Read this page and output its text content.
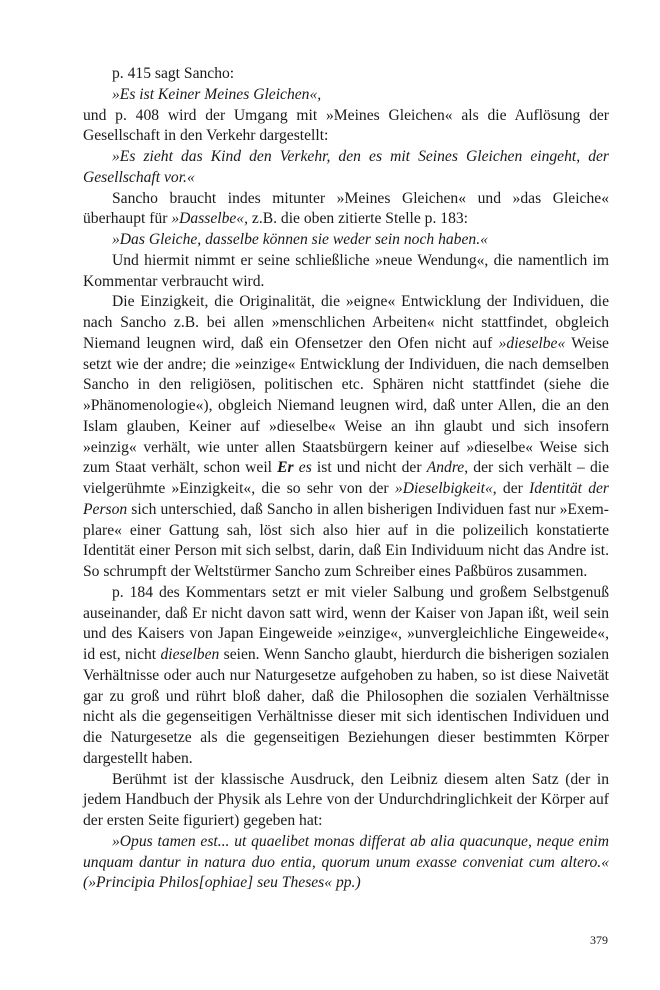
p. 415 sagt Sancho:

»Es ist Keiner Meines Gleichen«,

und p. 408 wird der Umgang mit »Meines Gleichen« als die Auflösung der Gesellschaft in den Verkehr dargestellt:

»Es zieht das Kind den Verkehr, den es mit Seines Gleichen eingeht, der Gesellschaft vor.«

Sancho braucht indes mitunter »Meines Gleichen« und »das Gleiche« überhaupt für »Dasselbe«, z.B. die oben zitierte Stelle p. 183:

»Das Gleiche, dasselbe können sie weder sein noch haben.«

Und hiermit nimmt er seine schließliche »neue Wendung«, die namentlich im Kommentar verbraucht wird.

Die Einzigkeit, die Originalität, die »eigne« Entwicklung der Individuen, die nach Sancho z.B. bei allen »menschlichen Arbeiten« nicht stattfindet, obgleich Niemand leugnen wird, daß ein Ofensetzer den Ofen nicht auf »dieselbe« Weise setzt wie der andre; die »einzige« Entwicklung der Individuen, die nach demselben Sancho in den religiösen, politischen etc. Sphären nicht stattfindet (siehe die »Phänomenologie«), obgleich Niemand leugnen wird, daß unter Allen, die an den Islam glauben, Keiner auf »dieselbe« Weise an ihn glaubt und sich insofern »einzig« verhält, wie unter allen Staatsbürgern keiner auf »dieselbe« Weise sich zum Staat verhält, schon weil Er es ist und nicht der Andre, der sich verhält – die vielgerühmte »Einzigkeit«, die so sehr von der »Dieselbigkeit«, der Identität der Person sich unterschied, daß Sancho in allen bisherigen Individuen fast nur »Exemplare« einer Gattung sah, löst sich also hier auf in die polizeilich konstatierte Identität einer Person mit sich selbst, darin, daß Ein Individuum nicht das Andre ist. So schrumpft der Weltstürmer Sancho zum Schreiber eines Paßbüros zusammen.

p. 184 des Kommentars setzt er mit vieler Salbung und großem Selbstgenuß auseinander, daß Er nicht davon satt wird, wenn der Kaiser von Japan ißt, weil sein und des Kaisers von Japan Eingeweide »einzige«, »unvergleichliche Eingeweide«, id est, nicht dieselben seien. Wenn Sancho glaubt, hierdurch die bisherigen sozialen Verhältnisse oder auch nur Naturgesetze aufgehoben zu haben, so ist diese Naivetät gar zu groß und rührt bloß daher, daß die Philosophen die sozialen Verhältnisse nicht als die gegenseitigen Verhältnisse dieser mit sich identischen Individuen und die Naturgesetze als die gegenseitigen Beziehungen dieser bestimmten Körper dargestellt haben.

Berühmt ist der klassische Ausdruck, den Leibniz diesem alten Satz (der in jedem Handbuch der Physik als Lehre von der Undurchdringlichkeit der Körper auf der ersten Seite figuriert) gegeben hat:

»Opus tamen est... ut quaelibet monas differat ab alia quacunque, neque enim unquam dantur in natura duo entia, quorum unum exasse conveniat cum altero.« (»Principia Philos[ophiae] seu Theses« pp.)

379
